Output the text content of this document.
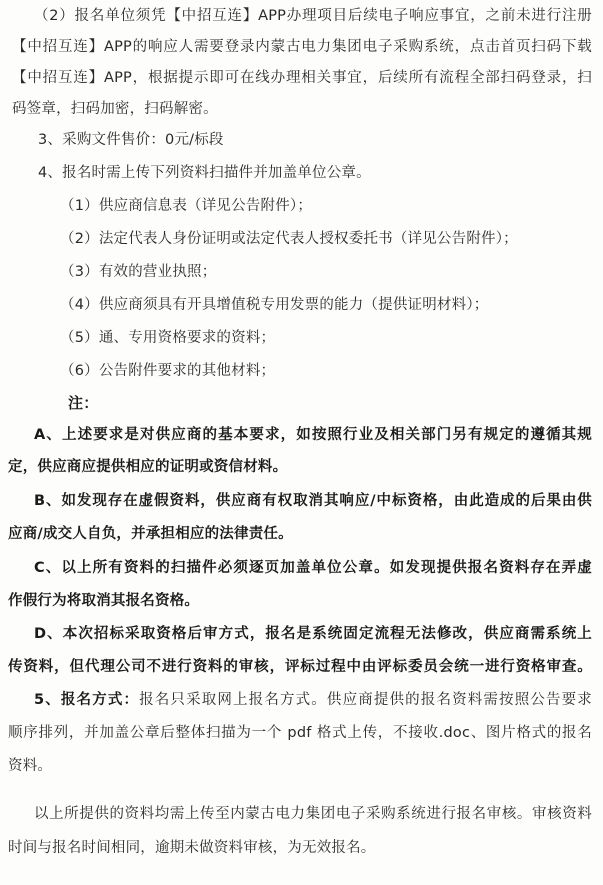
（2）报名单位须凭【中招互连】APP办理项目后续电子响应事宜，之前未进行注册
【中招互连】APP的响应人需要登录内蒙古电力集团电子采购系统，点击首页扫码下载
【中招互连】APP，根据提示即可在线办理相关事宜，后续所有流程全部扫码登录，扫
码签章，扫码加密，扫码解密。
3、采购文件售价：0元/标段
4、报名时需上传下列资料扫描件并加盖单位公章。
（1）供应商信息表（详见公告附件）；
（2）法定代表人身份证明或法定代表人授权委托书（详见公告附件）；
（3）有效的营业执照；
（4）供应商须具有开具增值税专用发票的能力（提供证明材料）；
（5）通、专用资格要求的资料；
（6）公告附件要求的其他材料；
注：
A、上述要求是对供应商的基本要求，如按照行业及相关部门另有规定的遵循其规
定，供应商应提供相应的证明或资信材料。
B、如发现存在虚假资料，供应商有权取消其响应/中标资格，由此造成的后果由供
应商/成交人自负，并承担相应的法律责任。
C、以上所有资料的扫描件必须逐页加盖单位公章。如发现提供报名资料存在弄虚
作假行为将取消其报名资格。
D、本次招标采取资格后审方式，报名是系统固定流程无法修改，供应商需系统上
传资料，但代理公司不进行资料的审核，评标过程中由评标委员会统一进行资格审查。
5、报名方式：报名只采取网上报名方式。供应商提供的报名资料需按照公告要求
顺序排列，并加盖公章后整体扫描为一个 pdf 格式上传，不接收.doc、图片格式的报名
资料。
以上所提供的资料均需上传至内蒙古电力集团电子采购系统进行报名审核。审核资料
时间与报名时间相同，逾期未做资料审核，为无效报名。
